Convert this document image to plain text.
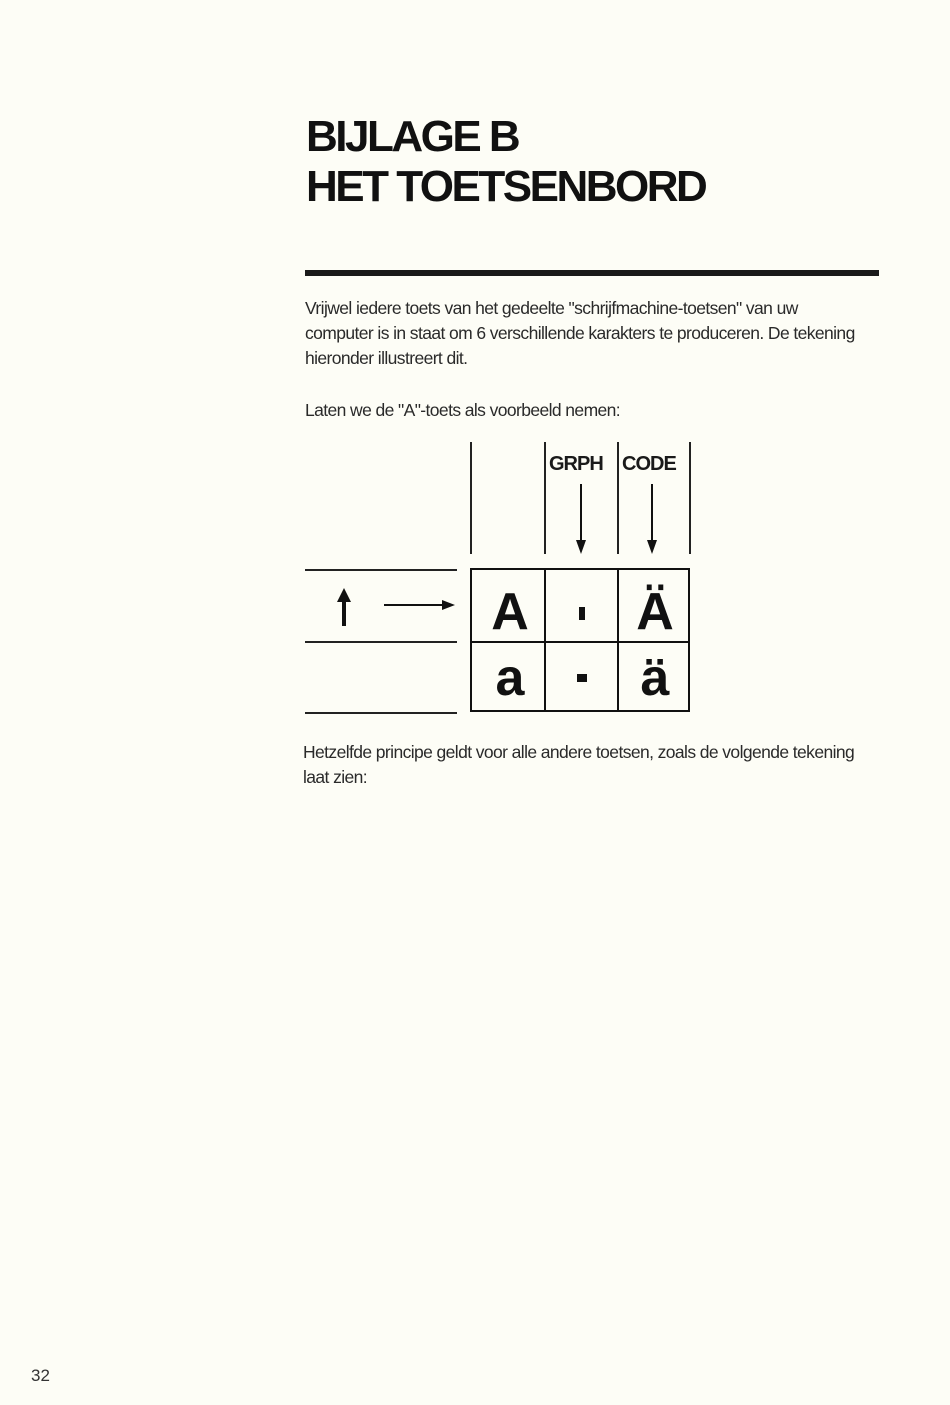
BIJLAGE B
HET TOETSENBORD

Vrijwel iedere toets van het gedeelte "schrijfmachine-toetsen" van uw computer is in staat om 6 verschillende karakters te produceren. De tekening hieronder illustreert dit.

Laten we de "A"-toets als voorbeeld nemen:

GRPH CODE
A	Ä
a	ä

Hetzelfde principe geldt voor alle andere toetsen, zoals de volgende tekening laat zien:

32
